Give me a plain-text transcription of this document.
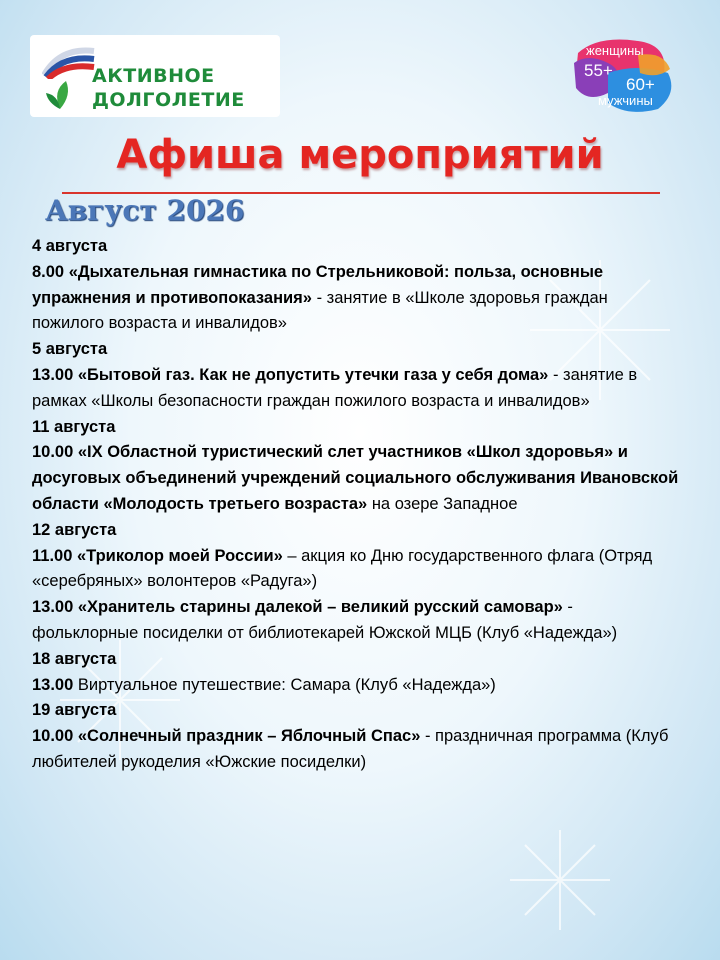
АКТИВНОЕ
ДОЛГОЛЕТИЕ
женщины
55+
60+
мужчины
Афиша мероприятий
Август 2026
4 августа

8.00 «Дыхательная гимнастика по Стрельниковой: польза, основные упражнения и противопоказания» - занятие в «Школе здоровья граждан пожилого возраста и инвалидов»

5 августа

13.00 «Бытовой газ. Как не допустить утечки газа у себя дома» - занятие в рамках «Школы безопасности граждан пожилого возраста и инвалидов»

11 августа

10.00 «IX Областной туристический слет участников «Школ здоровья» и досуговых объединений учреждений социального обслуживания Ивановской области «Молодость третьего возраста» на озере Западное

12 августа

11.00 «Триколор моей России» – акция ко Дню государственного флага (Отряд «серебряных» волонтеров «Радуга»)

13.00 «Хранитель старины далекой – великий русский самовар» - фольклорные посиделки от библиотекарей Южской МЦБ (Клуб «Надежда»)

18 августа

13.00 Виртуальное путешествие: Самара (Клуб «Надежда»)

19 августа

10.00 «Солнечный праздник – Яблочный Спас» - праздничная программа (Клуб любителей рукоделия «Южские посиделки)
